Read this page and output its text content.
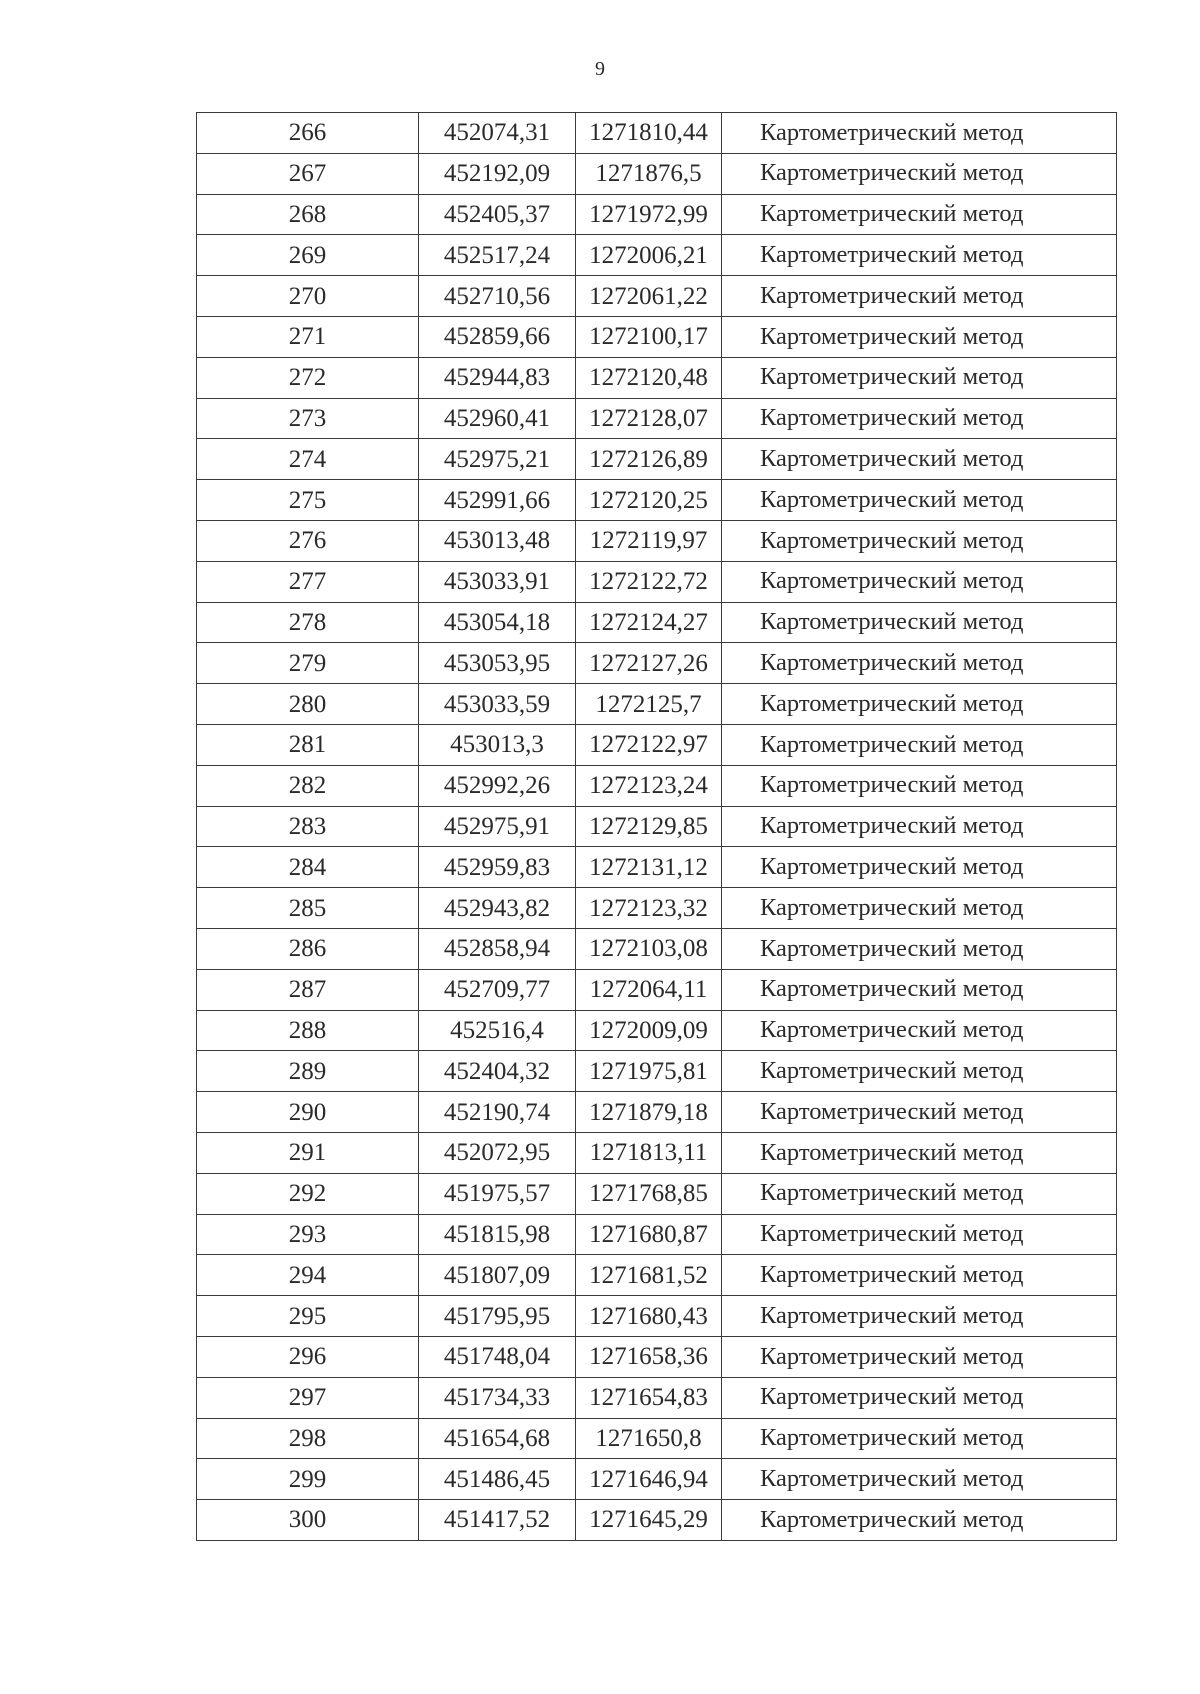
9
266	452074,31	1271810,44	Картометрический метод
267	452192,09	1271876,5	Картометрический метод
268	452405,37	1271972,99	Картометрический метод
269	452517,24	1272006,21	Картометрический метод
270	452710,56	1272061,22	Картометрический метод
271	452859,66	1272100,17	Картометрический метод
272	452944,83	1272120,48	Картометрический метод
273	452960,41	1272128,07	Картометрический метод
274	452975,21	1272126,89	Картометрический метод
275	452991,66	1272120,25	Картометрический метод
276	453013,48	1272119,97	Картометрический метод
277	453033,91	1272122,72	Картометрический метод
278	453054,18	1272124,27	Картометрический метод
279	453053,95	1272127,26	Картометрический метод
280	453033,59	1272125,7	Картометрический метод
281	453013,3	1272122,97	Картометрический метод
282	452992,26	1272123,24	Картометрический метод
283	452975,91	1272129,85	Картометрический метод
284	452959,83	1272131,12	Картометрический метод
285	452943,82	1272123,32	Картометрический метод
286	452858,94	1272103,08	Картометрический метод
287	452709,77	1272064,11	Картометрический метод
288	452516,4	1272009,09	Картометрический метод
289	452404,32	1271975,81	Картометрический метод
290	452190,74	1271879,18	Картометрический метод
291	452072,95	1271813,11	Картометрический метод
292	451975,57	1271768,85	Картометрический метод
293	451815,98	1271680,87	Картометрический метод
294	451807,09	1271681,52	Картометрический метод
295	451795,95	1271680,43	Картометрический метод
296	451748,04	1271658,36	Картометрический метод
297	451734,33	1271654,83	Картометрический метод
298	451654,68	1271650,8	Картометрический метод
299	451486,45	1271646,94	Картометрический метод
300	451417,52	1271645,29	Картометрический метод
